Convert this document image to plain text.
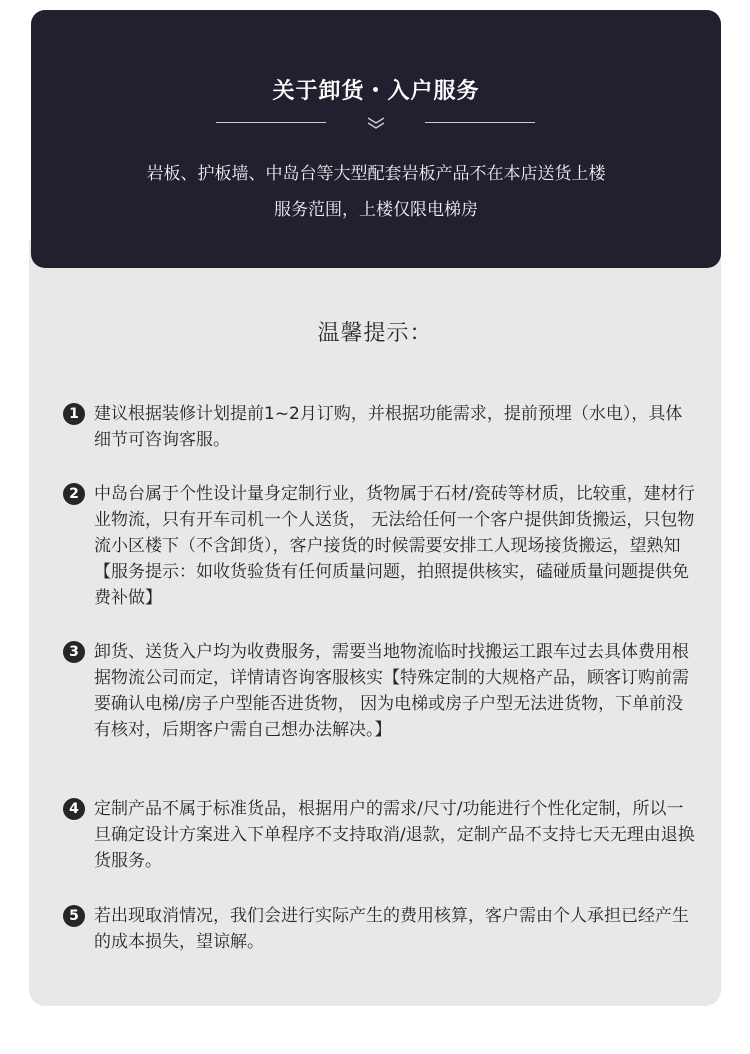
关于卸货・入户服务
岩板、护板墙、中岛台等大型配套岩板产品不在本店送货上楼
服务范围，上楼仅限电梯房
温馨提示：
1 建议根据装修计划提前1~2月订购，并根据功能需求，提前预埋（水电），具体细节可咨询客服。
2 中岛台属于个性设计量身定制行业，货物属于石材/瓷砖等材质，比较重，建材行业物流，只有开车司机一个人送货， 无法给任何一个客户提供卸货搬运，只包物流小区楼下（不含卸货），客户接货的时候需要安排工人现场接货搬运，望熟知【服务提示：如收货验货有任何质量问题，拍照提供核实，磕碰质量问题提供免费补做】
3 卸货、送货入户均为收费服务，需要当地物流临时找搬运工跟车过去具体费用根据物流公司而定，详情请咨询客服核实【特殊定制的大规格产品，顾客订购前需要确认电梯/房子户型能否进货物， 因为电梯或房子户型无法进货物，下单前没有核对，后期客户需自己想办法解决。】
4 定制产品不属于标准货品，根据用户的需求/尺寸/功能进行个性化定制，所以一旦确定设计方案进入下单程序不支持取消/退款，定制产品不支持七天无理由退换货服务。
5 若出现取消情况，我们会进行实际产生的费用核算，客户需由个人承担已经产生的成本损失，望谅解。
